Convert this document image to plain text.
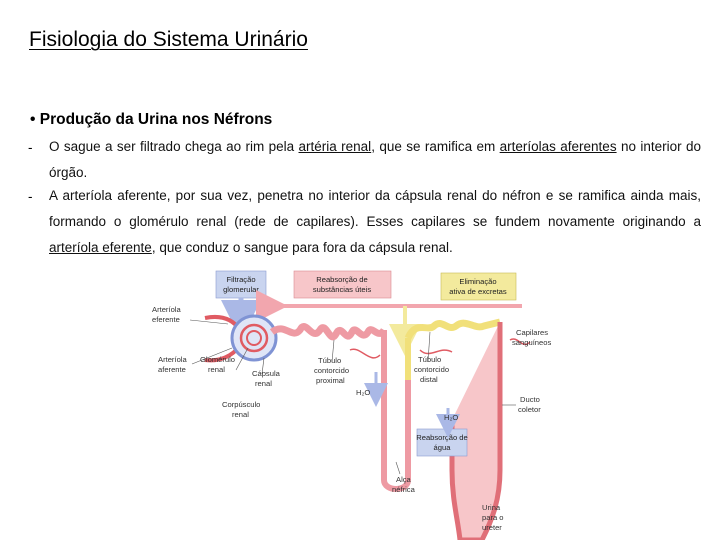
Fisiologia do Sistema Urinário
• Produção da Urina nos Néfrons
- O sague a ser filtrado chega ao rim pela artéria renal, que se ramifica em arteríolas aferentes no interior do órgão.
- A arteríola aferente, por sua vez, penetra no interior da cápsula renal do néfron e se ramifica ainda mais, formando o glomérulo renal (rede de capilares). Esses capilares se fundem novamente originando a arteríola eferente, que conduz o sangue para fora da cápsula renal.
Filtração
glomerular
Reabsorção de
substâncias úteis
Eliminação
ativa de excretas
Reabsorção de
água
H₂O
H₂O
Arteríola
eferente
Arteríola
aferente
Glomérulo
renal	Cápsula
renal
Corpúsculo
renal
Túbulo
contorcido
proximal
Túbulo
contorcido
distal
Capilares
sanguíneos
Ducto
coletor
Alça
néfrica
Urina
para o
ureter
